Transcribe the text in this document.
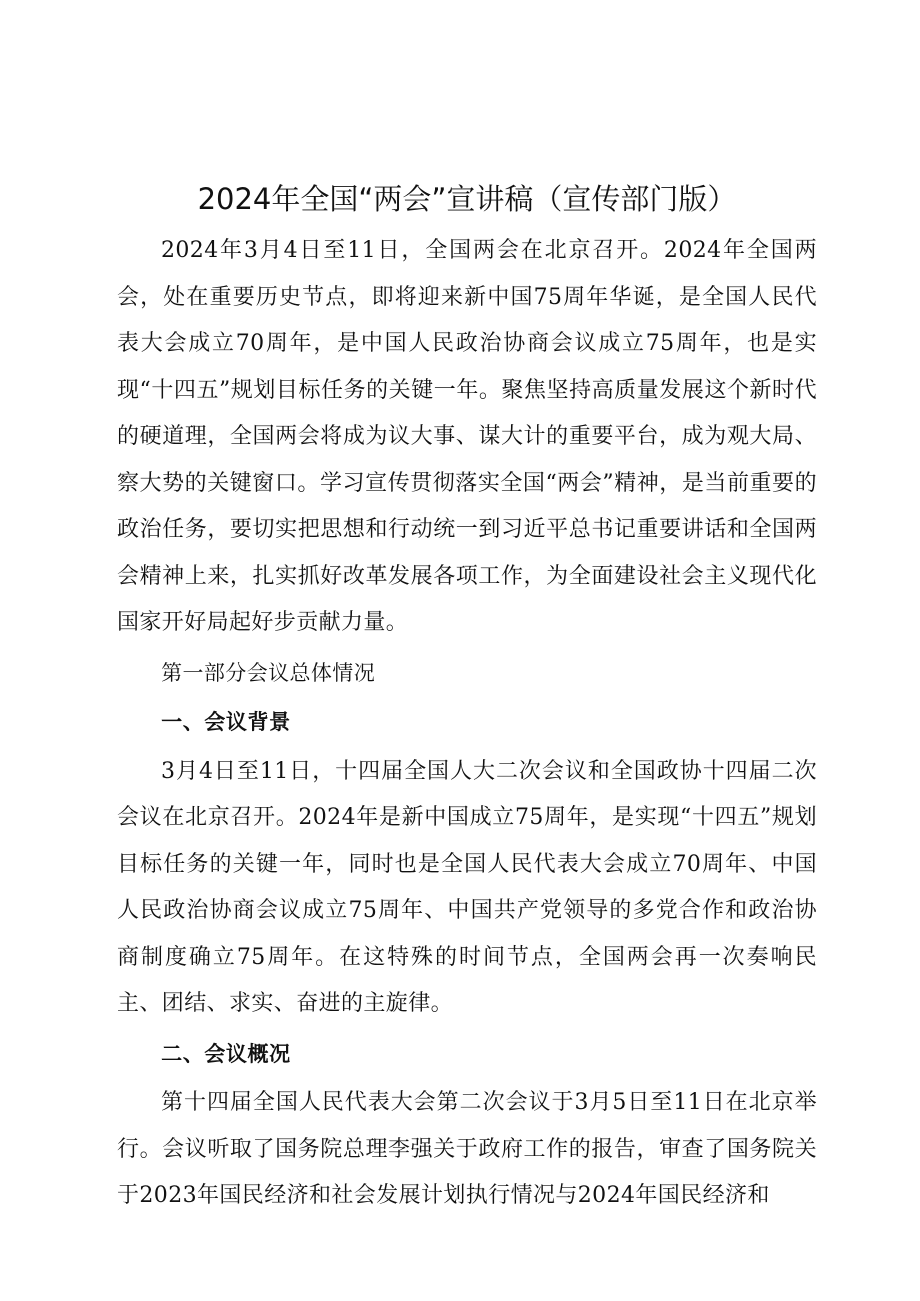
2024年全国“两会”宣讲稿（宣传部门版）

2024年3月4日至11日，全国两会在北京召开。2024年全国两会，处在重要历史节点，即将迎来新中国75周年华诞，是全国人民代表大会成立70周年，是中国人民政治协商会议成立75周年，也是实现“十四五”规划目标任务的关键一年。聚焦坚持高质量发展这个新时代的硬道理，全国两会将成为议大事、谋大计的重要平台，成为观大局、察大势的关键窗口。学习宣传贯彻落实全国“两会”精神，是当前重要的政治任务，要切实把思想和行动统一到习近平总书记重要讲话和全国两会精神上来，扎实抓好改革发展各项工作，为全面建设社会主义现代化国家开好局起好步贡献力量。

第一部分会议总体情况

一、会议背景

3月4日至11日，十四届全国人大二次会议和全国政协十四届二次会议在北京召开。2024年是新中国成立75周年，是实现“十四五”规划目标任务的关键一年，同时也是全国人民代表大会成立70周年、中国人民政治协商会议成立75周年、中国共产党领导的多党合作和政治协商制度确立75周年。在这特殊的时间节点，全国两会再一次奏响民主、团结、求实、奋进的主旋律。

二、会议概况

第十四届全国人民代表大会第二次会议于3月5日至11日在北京举行。会议听取了国务院总理李强关于政府工作的报告，审查了国务院关于2023年国民经济和社会发展计划执行情况与2024年国民经济和
